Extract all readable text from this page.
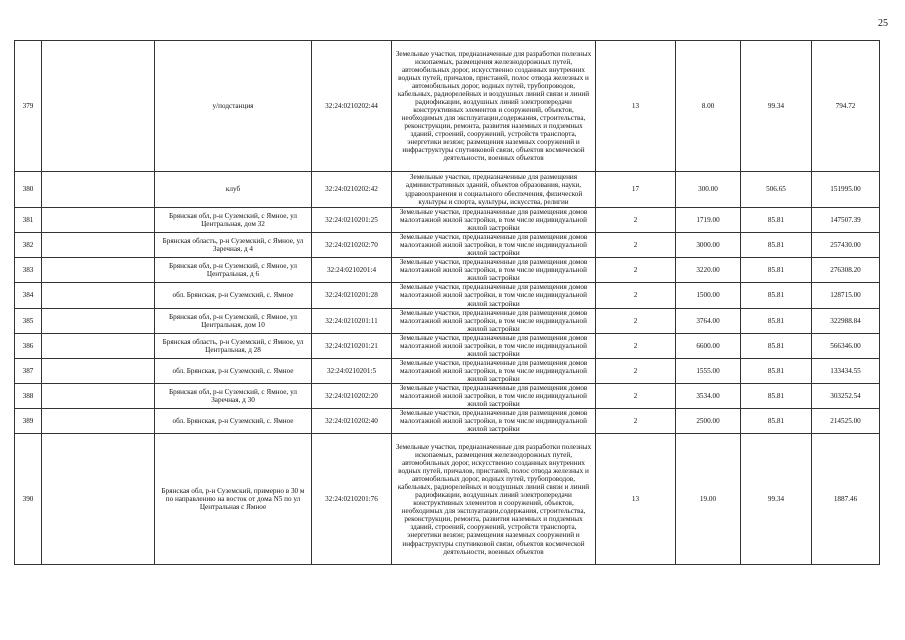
25
379		у/подстанция	32:24:0210202:44	Земельные участки, предназначенные для разработки полезных ископаемых, размещения железнодорожных путей, автомобильных дорог, искусственно созданных внутренних водных путей, причалов, пристаней, полос отвода железных и автомобильных дорог, водных путей, трубопроводов, кабельных, радиорелейных и воздушных линий связи и линий радиофикации, воздушных линий электропередачи конструктивных элементов и сооружений, объектов, необходимых для эксплуатации,содержания, строительства, реконструкции, ремонта, развития наземных и подземных зданий, строений, сооружений, устройств транспорта, энергетики везяэи; размещения наземных сооружений и инфраструктуры спутниковой связи, объектов космической деятельности, военных объектов	13	8.00	99.34	794.72
380		клуб	32:24:0210202:42	Земельные участки, предназначенные для размещения административных зданий, объектов образования, науки, здравоохранения и социального обеспечения, физической культуры и спорта, культуры, искусства, религии	17	300.00	506.65	151995.00
381		Брянская обл, р-н Суземский, с Ямное, ул Центральная, дом 32	32:24:0210201:25	Земельные участки, предназначенные для размещения домов малоэтажной жилой застройки, в том числе индивидуальной жилой застройки	2	1719.00	85.81	147507.39
382		Брянская область, р-н Суземский, с Ямное, ул Заречная, д 4	32:24:0210202:70	Земельные участки, предназначенные для размещения домов малоэтажной жилой застройки, в том числе индивидуальной жилой застройки	2	3000.00	85.81	257430.00
383		Брянская обл, р-н Суземский, с Ямное, ул Центральная, д 6	32:24:0210201:4	Земельные участки, предназначенные для размещения домов малоэтажной жилой застройки, в том числе индивидуальной жилой застройки	2	3220.00	85.81	276308.20
384		обл. Брянская, р-н Суземский, с. Ямное	32:24:0210201:28	Земельные участки, предназначенные для размещения домов малоэтажной жилой застройки, в том числе индивидуальной жилой застройки	2	1500.00	85.81	128715.00
385		Брянская обл, р-н Суземский, с Ямное, ул Центральная, дом 10	32:24:0210201:11	Земельные участки, предназначенные для размещения домов малоэтажной жилой застройки, в том числе индивидуальной жилой застройки	2	3764.00	85.81	322988.84
386		Брянская область, р-н Суземский, с Ямное, ул Центральная, д 28	32:24:0210201:21	Земельные участки, предназначенные для размещения домов малоэтажной жилой застройки, в том числе индивидуальной жилой застройки	2	6600.00	85.81	566346.00
387		обл. Брянская, р-н Суземский, с. Ямное	32:24:0210201:5	Земельные участки, предназначенные для размещения домов малоэтажной жилой застройки, в том числе индивидуальной жилой застройки	2	1555.00	85.81	133434.55
388		Брянская обл, р-н Суземский, с Ямное, ул Заречная, д 30	32:24:0210202:20	Земельные участки, предназначенные для размещения домов малоэтажной жилой застройки, в том числе индивидуальной жилой застройки	2	3534.00	85.81	303252.54
389		обл. Брянская, р-н Суземский, с. Ямное	32:24:0210202:40	Земельные участки, предназначенные для размещения домов малоэтажной жилой застройки, в том числе индивидуальной жилой застройки	2	2500.00	85.81	214525.00
390		Брянская обл, р-н Суземский, примерно в 30 м по направлению на восток от дома N5 по ул Центральная с Ямное	32:24:0210201:76	Земельные участки, предназначенные для разработки полезных ископаемых, размещения железнодорожных путей, автомобильных дорог, искусственно созданных внутренних водных путей, причалов, пристаней, полос отвода железных и автомобильных дорог, водных путей, трубопроводов, кабельных, радиорелейных и воздушных линий связи и линий радиофикации, воздушных линий электропередачи конструктивных элементов и сооружений, объектов, необходимых для эксплуатации,содержания, строительства, реконструкции, ремонта, развития наземных и подземных зданий, строений, сооружений, устройств транспорта, энергетики везяэи; размещения наземных сооружений и инфраструктуры спутниковой связи, объектов космической деятельности, военных объектов	13	19.00	99.34	1887.46
